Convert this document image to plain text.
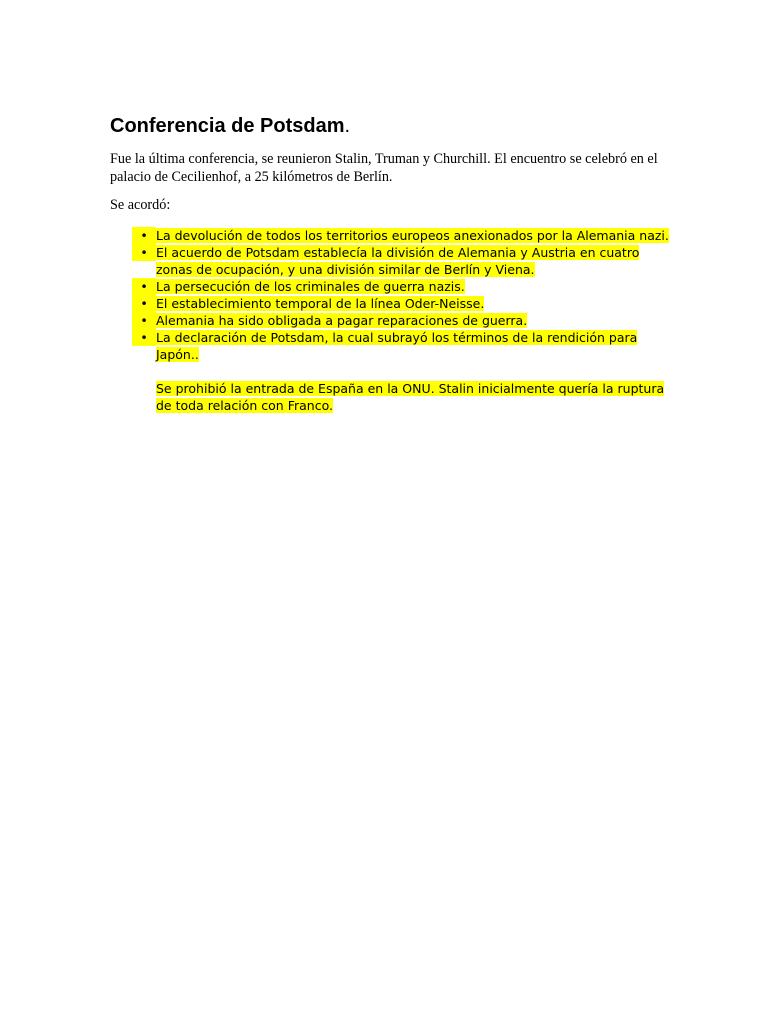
Conferencia de Potsdam.

Fue la última conferencia, se reunieron Stalin, Truman y Churchill. El encuentro se celebró en el palacio de Cecilienhof, a 25 kilómetros de Berlín.

Se acordó:

• La devolución de todos los territorios europeos anexionados por la Alemania nazi.
• El acuerdo de Potsdam establecía la división de Alemania y Austria en cuatro zonas de ocupación, y una división similar de Berlín y Viena.
• La persecución de los criminales de guerra nazis.
• El establecimiento temporal de la línea Oder-Neisse.
• Alemania ha sido obligada a pagar reparaciones de guerra.
• La declaración de Potsdam, la cual subrayó los términos de la rendición para Japón..

Se prohibió la entrada de España en la ONU. Stalin inicialmente quería la ruptura de toda relación con Franco.
